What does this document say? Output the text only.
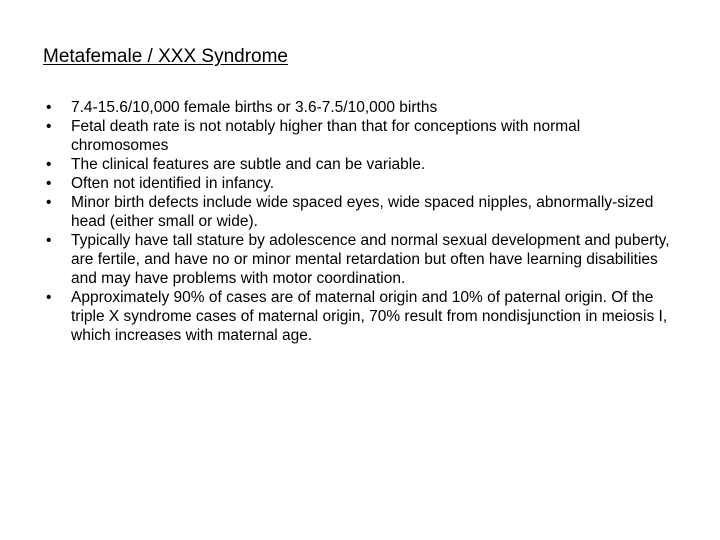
Metafemale / XXX Syndrome
•	7.4-15.6/10,000 female births or 3.6-7.5/10,000 births
•	Fetal death rate is not notably higher than that for conceptions with normal chromosomes
•	The clinical features are subtle and can be variable.
•	Often not identified in infancy.
•	Minor birth defects include wide spaced eyes, wide spaced nipples, abnormally-sized head (either small or wide).
•	Typically have tall stature by adolescence and normal sexual development and puberty, are fertile, and have no or minor mental retardation but often have learning disabilities and may have problems with motor coordination.
•	Approximately 90% of cases are of maternal origin and 10% of paternal origin. Of the triple X syndrome cases of maternal origin, 70% result from nondisjunction in meiosis I, which increases with maternal age.
